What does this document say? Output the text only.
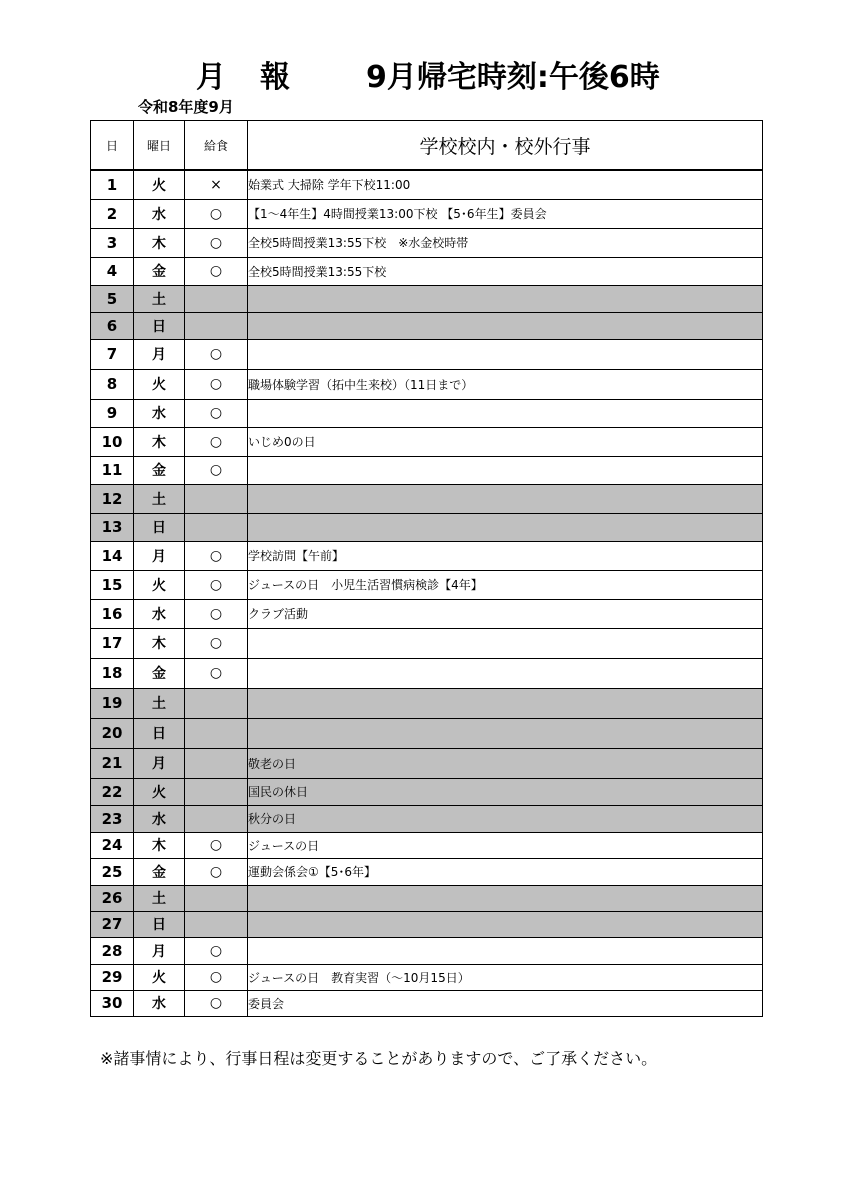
月　報 9月帰宅時刻:午後6時
令和8年度9月
日	曜日	給食	学校校内・校外行事
1	火	×	始業式 大掃除 学年下校11:00
2	水	○	【1～4年生】4時間授業13:00下校 【5･6年生】委員会
3	木	○	全校5時間授業13:55下校　※水金校時帯
4	金	○	全校5時間授業13:55下校
5	土		
6	日		
7	月	○	
8	火	○	職場体験学習（拓中生来校）（11日まで）
9	水	○	
10	木	○	いじめ0の日
11	金	○	
12	土		
13	日		
14	月	○	学校訪問【午前】
15	火	○	ジュースの日　小児生活習慣病検診【4年】
16	水	○	クラブ活動
17	木	○	
18	金	○	
19	土		
20	日		
21	月		敬老の日
22	火		国民の休日
23	水		秋分の日
24	木	○	ジュースの日
25	金	○	運動会係会①【5･6年】
26	土		
27	日		
28	月	○	
29	火	○	ジュースの日　教育実習（～10月15日）
30	水	○	委員会
※諸事情により、行事日程は変更することがありますので、ご了承ください。
